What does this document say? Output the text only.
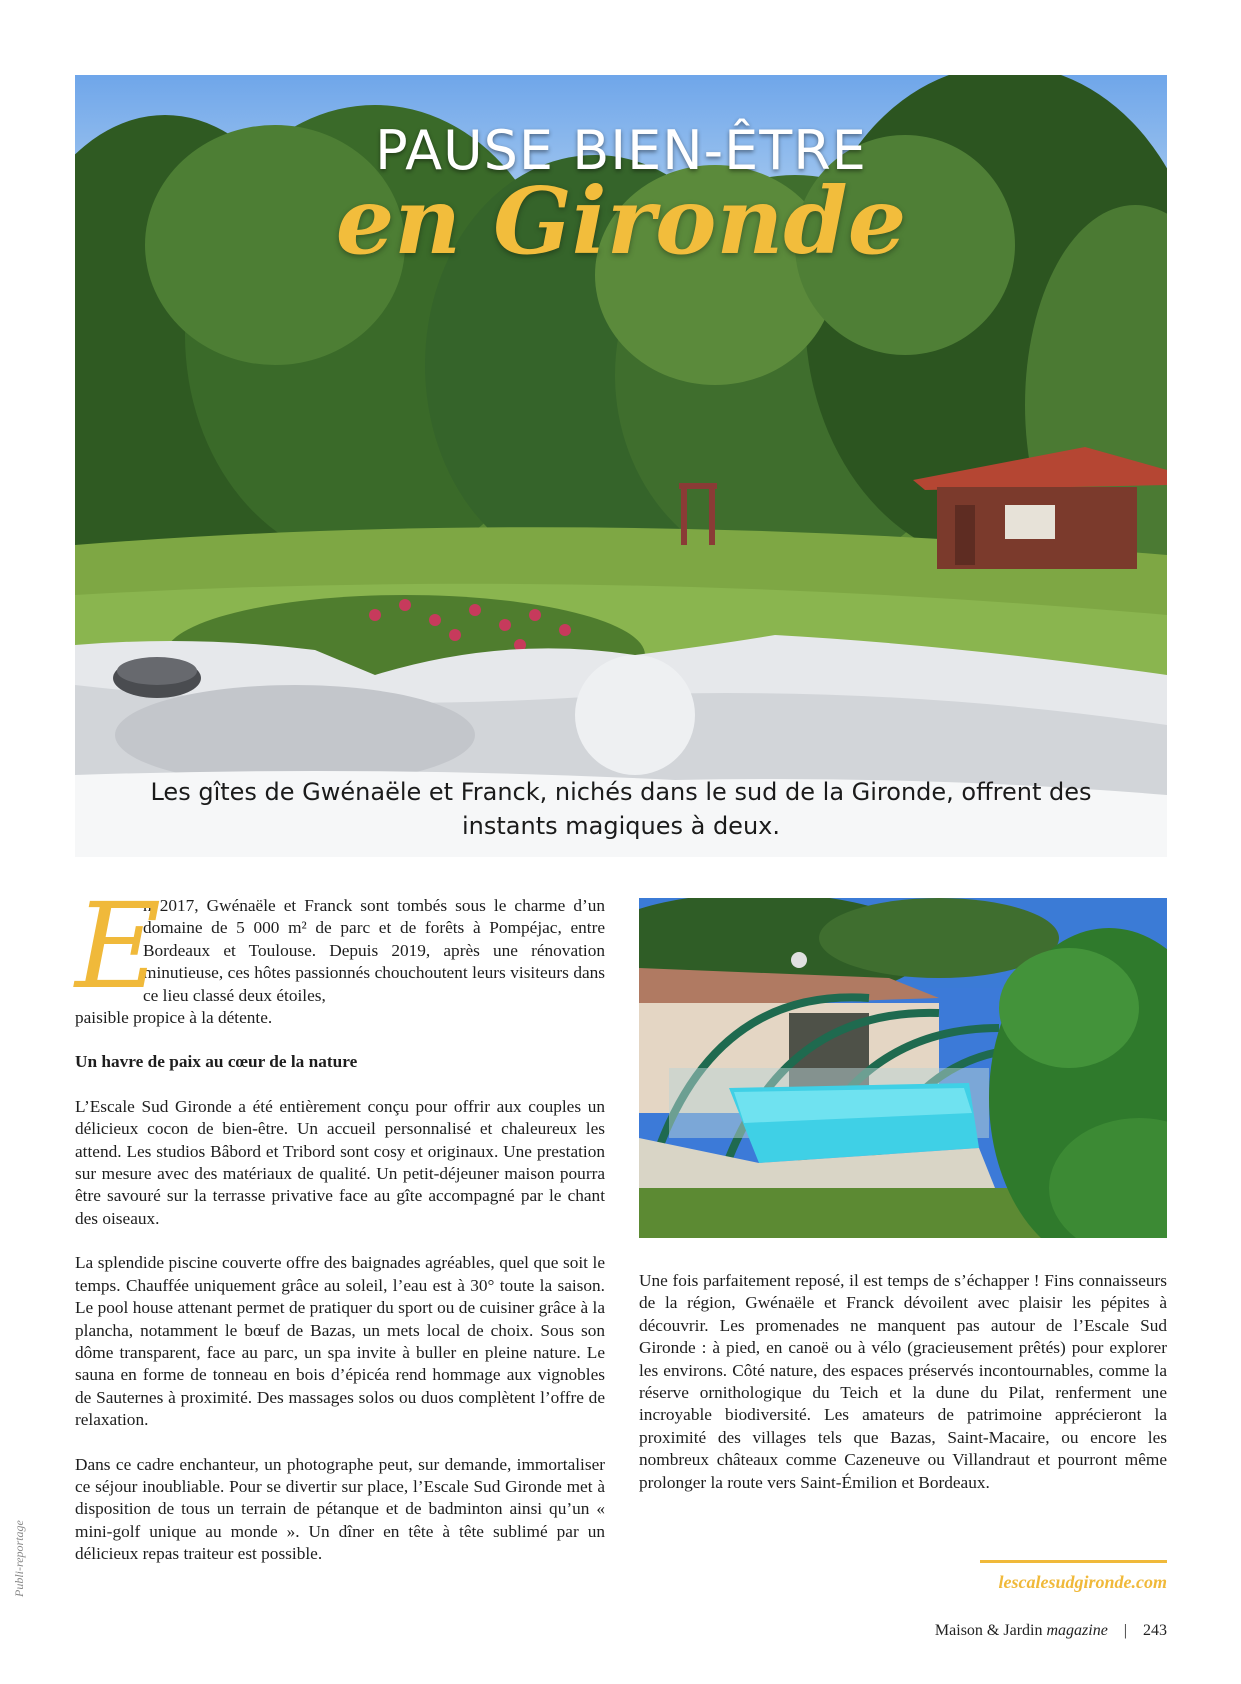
PAUSE BIEN-ÊTRE
en Gironde
Les gîtes de Gwénaële et Franck, nichés dans le sud de la Gironde, offrent des instants magiques à deux.

E
n 2017, Gwénaële et Franck sont tombés sous le charme d’un domaine de 5 000 m² de parc et de forêts à Pompéjac, entre Bordeaux et Toulouse. Depuis 2019, après une rénovation minutieuse, ces hôtes passionnés chouchoutent leurs visiteurs dans ce lieu classé deux étoiles,
paisible propice à la détente.

Un havre de paix au cœur de la nature

L’Escale Sud Gironde a été entièrement conçu pour offrir aux couples un délicieux cocon de bien-être. Un accueil personnalisé et chaleureux les attend. Les studios Bâbord et Tribord sont cosy et originaux. Une prestation sur mesure avec des matériaux de qualité. Un petit-déjeuner maison pourra être savouré sur la terrasse privative face au gîte accompagné par le chant des oiseaux.

La splendide piscine couverte offre des baignades agréables, quel que soit le temps. Chauffée uniquement grâce au soleil, l’eau est à 30° toute la saison. Le pool house attenant permet de pratiquer du sport ou de cuisiner grâce à la plancha, notamment le bœuf de Bazas, un mets local de choix. Sous son dôme transparent, face au parc, un spa invite à buller en pleine nature. Le sauna en forme de tonneau en bois d’épicéa rend hommage aux vignobles de Sauternes à proximité. Des massages solos ou duos complètent l’offre de relaxation.

Dans ce cadre enchanteur, un photographe peut, sur demande, immortaliser ce séjour inoubliable. Pour se divertir sur place, l’Escale Sud Gironde met à disposition de tous un terrain de pétanque et de badminton ainsi qu’un « mini-golf unique au monde ». Un dîner en tête à tête sublimé par un délicieux repas traiteur est possible.

Une fois parfaitement reposé, il est temps de s’échapper ! Fins connaisseurs de la région, Gwénaële et Franck dévoilent avec plaisir les pépites à découvrir. Les promenades ne manquent pas autour de l’Escale Sud Gironde : à pied, en canoë ou à vélo (gracieusement prêtés) pour explorer les environs. Côté nature, des espaces préservés incontournables, comme la réserve ornithologique du Teich et la dune du Pilat, renferment une incroyable biodiversité. Les amateurs de patrimoine apprécieront la proximité des villages tels que Bazas, Saint-Macaire, ou encore les nombreux châteaux comme Cazeneuve ou Villandraut et pourront même prolonger la route vers Saint-Émilion et Bordeaux.

lescalesudgironde.com
Maison & Jardin magazine | 243
Publi-reportage
